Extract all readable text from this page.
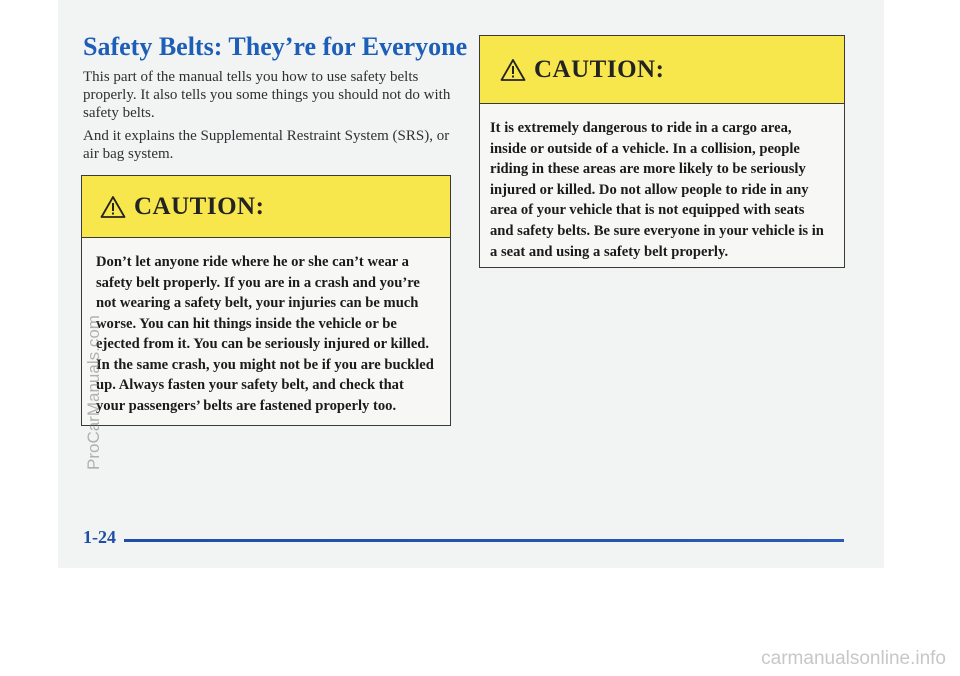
Safety Belts: They’re for Everyone

This part of the manual tells you how to use safety belts properly. It also tells you some things you should not do with safety belts.

And it explains the Supplemental Restraint System (SRS), or air bag system.

CAUTION:

Don’t let anyone ride where he or she can’t wear a safety belt properly. If you are in a crash and you’re not wearing a safety belt, your injuries can be much worse. You can hit things inside the vehicle or be ejected from it. You can be seriously injured or killed. In the same crash, you might not be if you are buckled up. Always fasten your safety belt, and check that your passengers’ belts are fastened properly too.

CAUTION:

It is extremely dangerous to ride in a cargo area, inside or outside of a vehicle. In a collision, people riding in these areas are more likely to be seriously injured or killed. Do not allow people to ride in any area of your vehicle that is not equipped with seats and safety belts. Be sure everyone in your vehicle is in a seat and using a safety belt properly.

1-24
ProCarManuals.com
carmanualsonline.info
